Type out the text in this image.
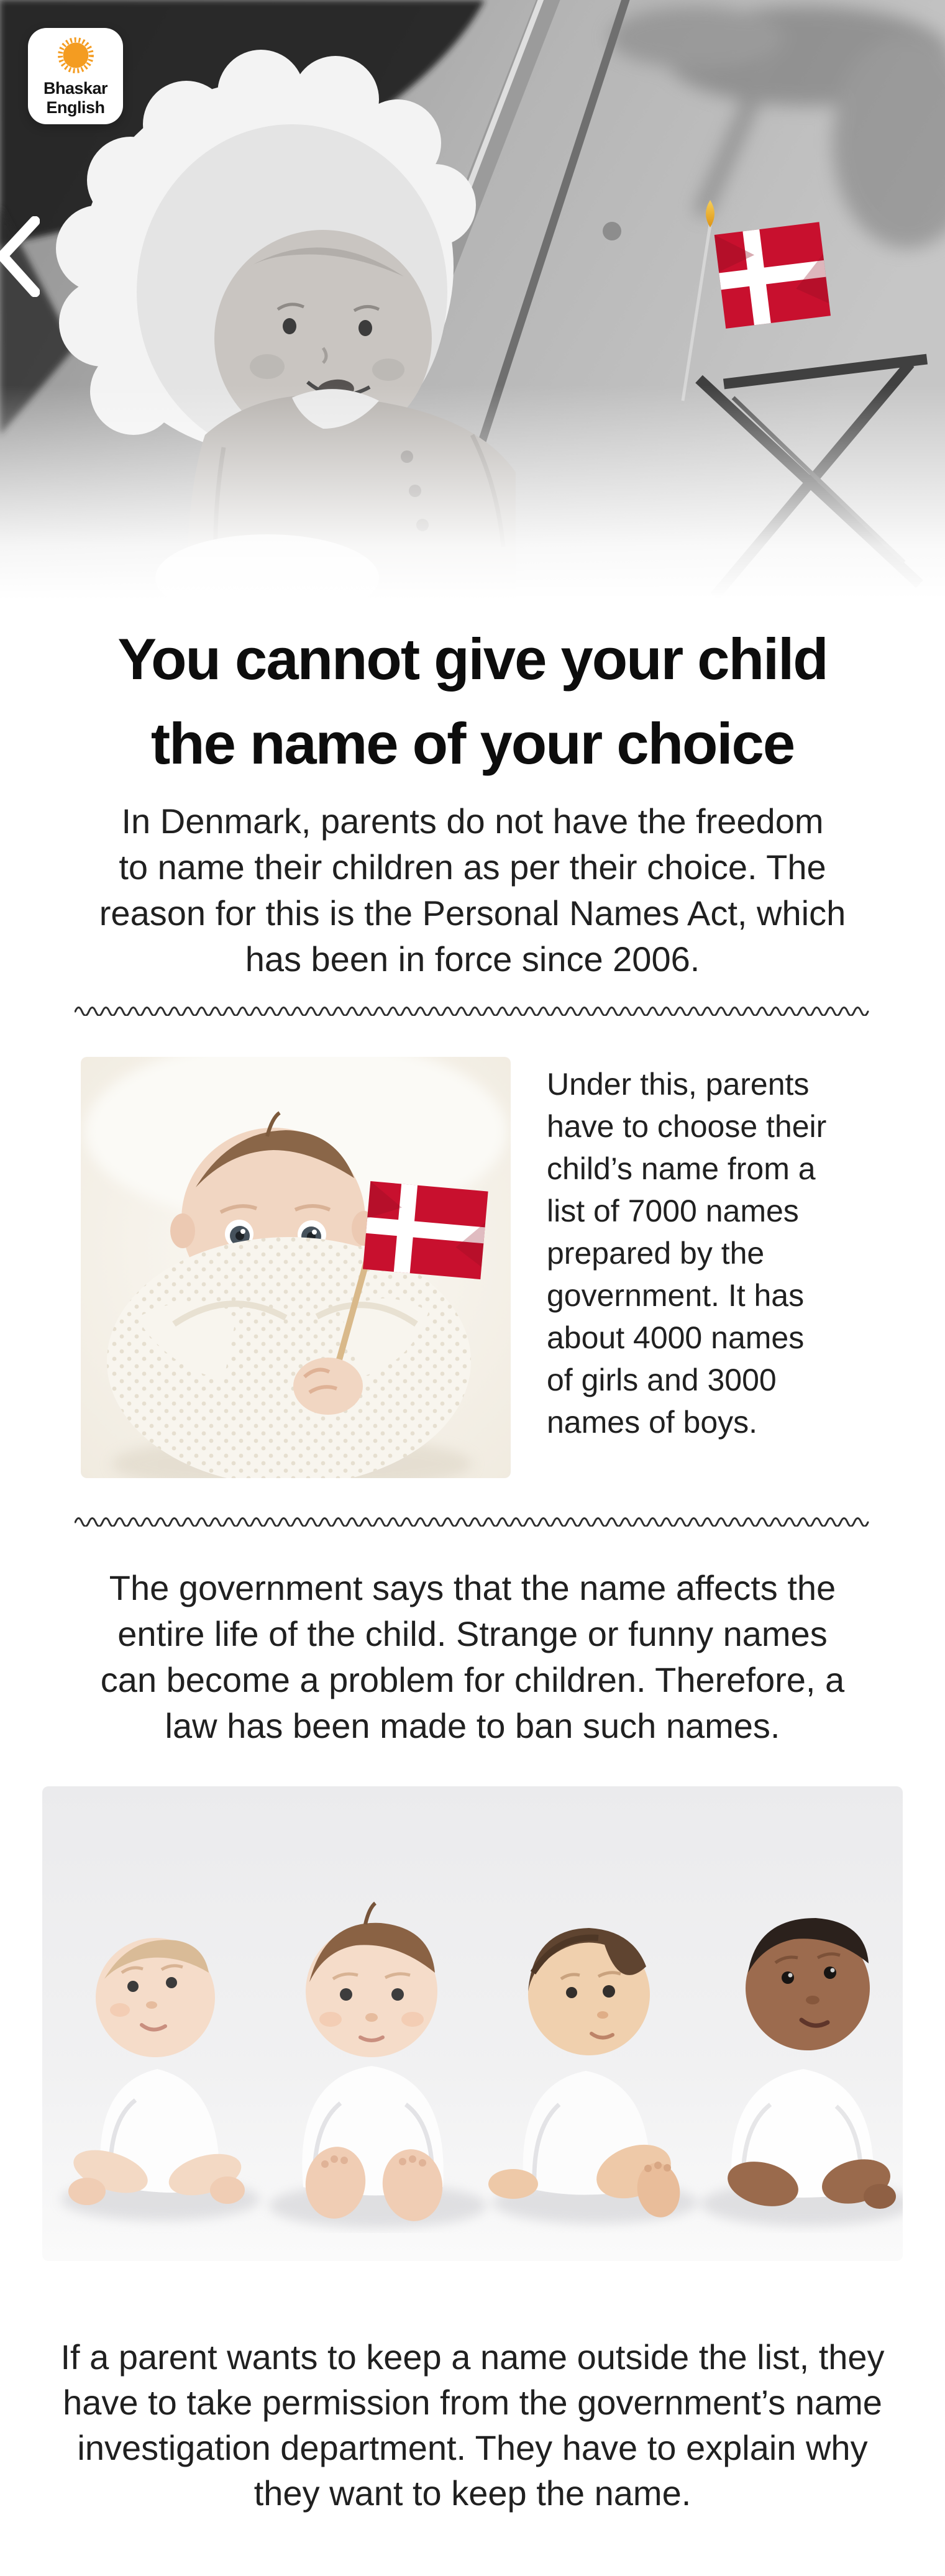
Bhaskar
English
You cannot give your child
the name of your choice
In Denmark, parents do not have the freedom
to name their children as per their choice. The
reason for this is the Personal Names Act, which
has been in force since 2006.
Under this, parents
have to choose their
child’s name from a
list of 7000 names
prepared by the
government. It has
about 4000 names
of girls and 3000
names of boys.
The government says that the name affects the
entire life of the child. Strange or funny names
can become a problem for children. Therefore, a
law has been made to ban such names.
If a parent wants to keep a name outside the list, they
have to take permission from the government’s name
investigation department. They have to explain why
they want to keep the name.
